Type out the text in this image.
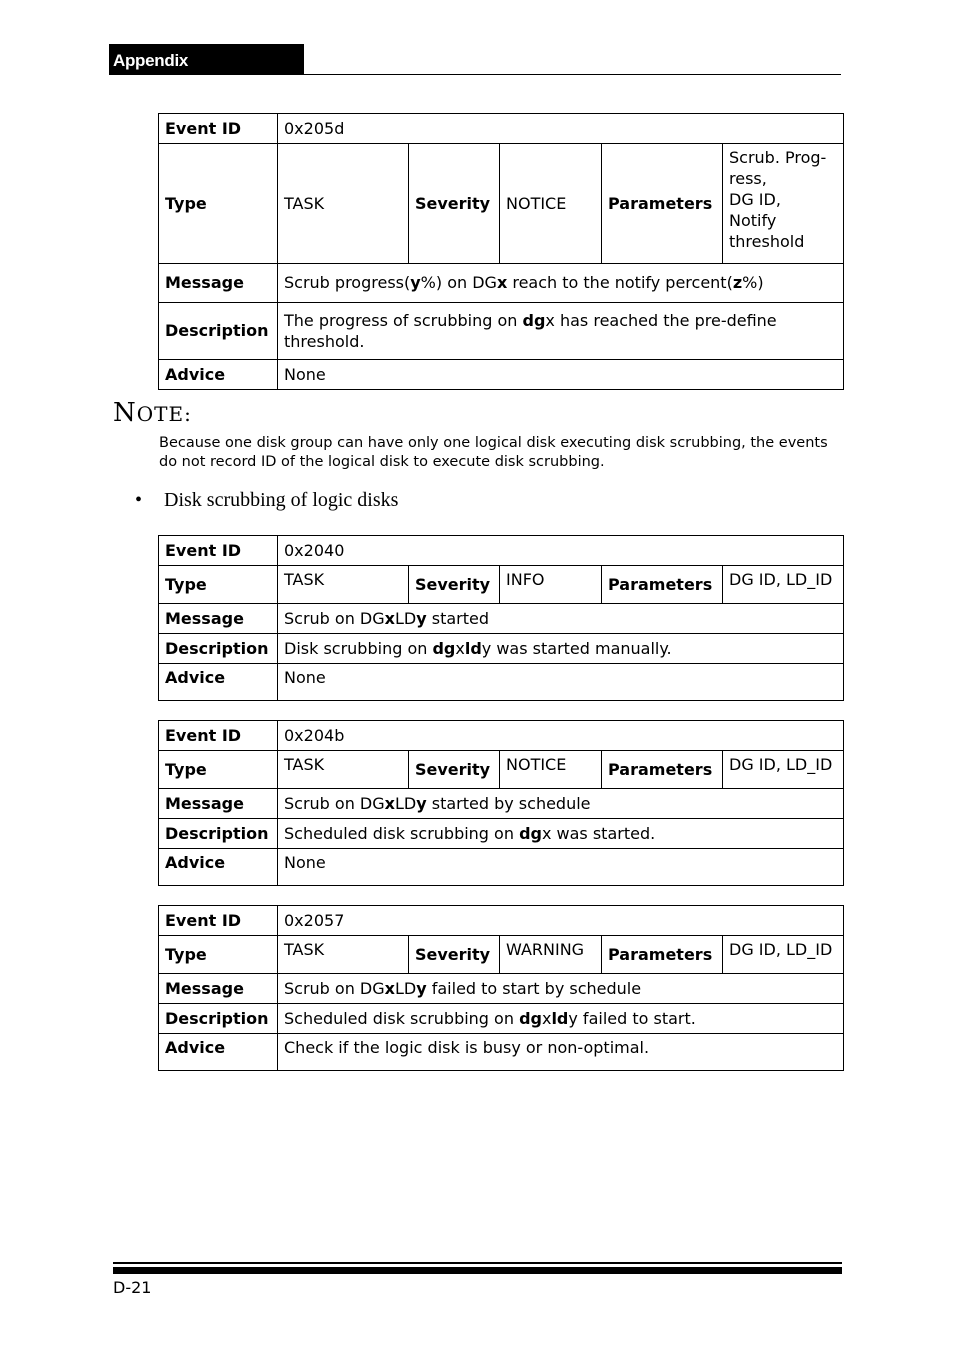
Appendix
Event ID	0x205d				
Type	TASK	Severity	NOTICE	Parameters	Scrub. Prog-
ress,
DG ID,
Notify
threshold

Message	Scrub progress(y%) on DGx reach to the notify percent(z%)				
Description	The progress of scrubbing on dgx has reached the pre-define threshold.				
Advice	None				
NOTE:
Because one disk group can have only one logical disk executing disk scrubbing, the events do not record ID of the logical disk to execute disk scrubbing.
• Disk scrubbing of logic disks
Event ID	0x2040				
Type	TASK	Severity	INFO	Parameters	DG ID, LD_ID

Message	Scrub on DGxLDy started				
Description	Disk scrubbing on dgxldy was started manually.				
Advice	None				
Event ID	0x204b				
Type	TASK	Severity	NOTICE	Parameters	DG ID, LD_ID

Message	Scrub on DGxLDy started by schedule				
Description	Scheduled disk scrubbing on dgx was started.				
Advice	None				
Event ID	0x2057				
Type	TASK	Severity	WARNING	Parameters	DG ID, LD_ID

Message	Scrub on DGxLDy failed to start by schedule				
Description	Scheduled disk scrubbing on dgxldy failed to start.				
Advice	Check if the logic disk is busy or non-optimal.				
D-21
